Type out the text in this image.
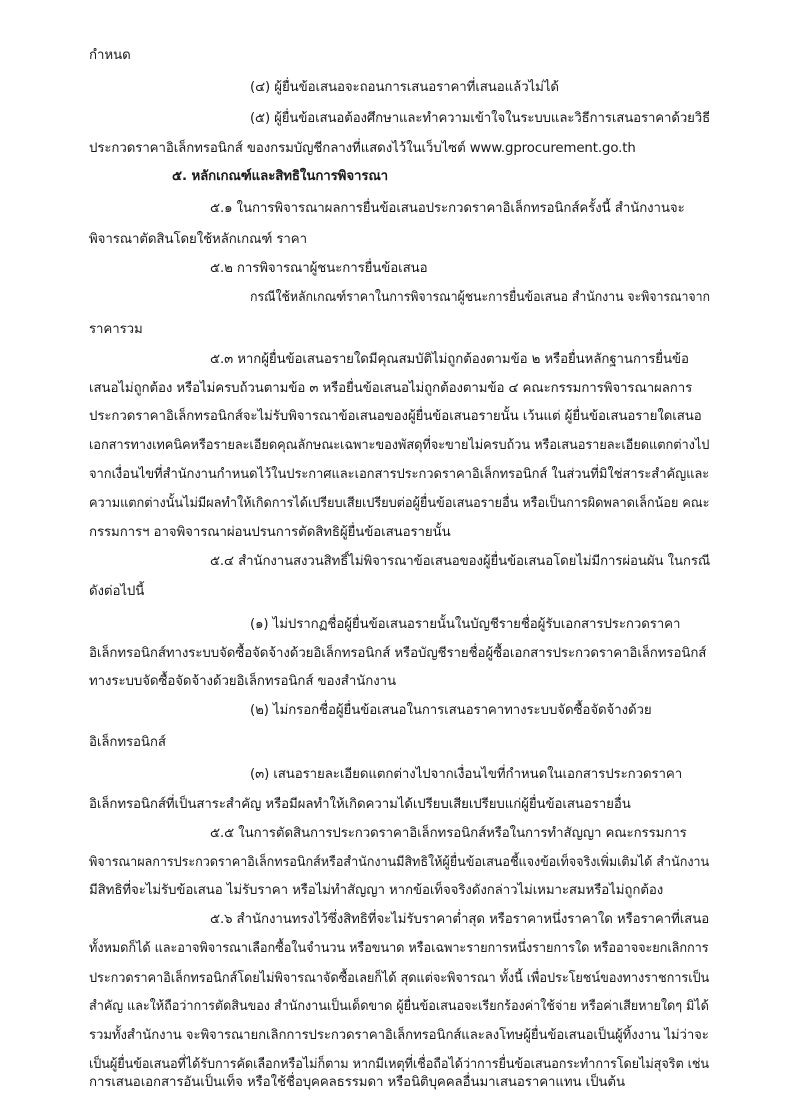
กำหนด
(๔) ผู้ยื่นข้อเสนอจะถอนการเสนอราคาที่เสนอแล้วไม่ได้
(๕) ผู้ยื่นข้อเสนอต้องศึกษาและทำความเข้าใจในระบบและวิธีการเสนอราคาด้วยวิธี
ประกวดราคาอิเล็กทรอนิกส์ ของกรมบัญชีกลางที่แสดงไว้ในเว็บไซต์ www.gprocurement.go.th
๕. หลักเกณฑ์และสิทธิในการพิจารณา
๕.๑ ในการพิจารณาผลการยื่นข้อเสนอประกวดราคาอิเล็กทรอนิกส์ครั้งนี้ สำนักงานจะ
พิจารณาตัดสินโดยใช้หลักเกณฑ์ ราคา
๕.๒ การพิจารณาผู้ชนะการยื่นข้อเสนอ
กรณีใช้หลักเกณฑ์ราคาในการพิจารณาผู้ชนะการยื่นข้อเสนอ สำนักงาน จะพิจารณาจาก
ราคารวม
๕.๓ หากผู้ยื่นข้อเสนอรายใดมีคุณสมบัติไม่ถูกต้องตามข้อ ๒ หรือยื่นหลักฐานการยื่นข้อ
เสนอไม่ถูกต้อง หรือไม่ครบถ้วนตามข้อ ๓ หรือยื่นข้อเสนอไม่ถูกต้องตามข้อ ๔ คณะกรรมการพิจารณาผลการ
ประกวดราคาอิเล็กทรอนิกส์จะไม่รับพิจารณาข้อเสนอของผู้ยื่นข้อเสนอรายนั้น เว้นแต่ ผู้ยื่นข้อเสนอรายใดเสนอ
เอกสารทางเทคนิคหรือรายละเอียดคุณลักษณะเฉพาะของพัสดุที่จะขายไม่ครบถ้วน หรือเสนอรายละเอียดแตกต่างไป
จากเงื่อนไขที่สำนักงานกำหนดไว้ในประกาศและเอกสารประกวดราคาอิเล็กทรอนิกส์ ในส่วนที่มิใช่สาระสำคัญและ
ความแตกต่างนั้นไม่มีผลทำให้เกิดการได้เปรียบเสียเปรียบต่อผู้ยื่นข้อเสนอรายอื่น หรือเป็นการผิดพลาดเล็กน้อย คณะ
กรรมการฯ อาจพิจารณาผ่อนปรนการตัดสิทธิผู้ยื่นข้อเสนอรายนั้น
๕.๔ สำนักงานสงวนสิทธิ์ไม่พิจารณาข้อเสนอของผู้ยื่นข้อเสนอโดยไม่มีการผ่อนผัน ในกรณี
ดังต่อไปนี้
(๑) ไม่ปรากฏชื่อผู้ยื่นข้อเสนอรายนั้นในบัญชีรายชื่อผู้รับเอกสารประกวดราคา
อิเล็กทรอนิกส์ทางระบบจัดซื้อจัดจ้างด้วยอิเล็กทรอนิกส์ หรือบัญชีรายชื่อผู้ซื้อเอกสารประกวดราคาอิเล็กทรอนิกส์
ทางระบบจัดซื้อจัดจ้างด้วยอิเล็กทรอนิกส์ ของสำนักงาน
(๒) ไม่กรอกชื่อผู้ยื่นข้อเสนอในการเสนอราคาทางระบบจัดซื้อจัดจ้างด้วย
อิเล็กทรอนิกส์
(๓) เสนอรายละเอียดแตกต่างไปจากเงื่อนไขที่กำหนดในเอกสารประกวดราคา
อิเล็กทรอนิกส์ที่เป็นสาระสำคัญ หรือมีผลทำให้เกิดความได้เปรียบเสียเปรียบแก่ผู้ยื่นข้อเสนอรายอื่น
๕.๕ ในการตัดสินการประกวดราคาอิเล็กทรอนิกส์หรือในการทำสัญญา คณะกรรมการ
พิจารณาผลการประกวดราคาอิเล็กทรอนิกส์หรือสำนักงานมีสิทธิให้ผู้ยื่นข้อเสนอชี้แจงข้อเท็จจริงเพิ่มเติมได้ สำนักงาน
มีสิทธิที่จะไม่รับข้อเสนอ ไม่รับราคา หรือไม่ทำสัญญา หากข้อเท็จจริงดังกล่าวไม่เหมาะสมหรือไม่ถูกต้อง
๕.๖ สำนักงานทรงไว้ซึ่งสิทธิที่จะไม่รับราคาต่ำสุด หรือราคาหนึ่งราคาใด หรือราคาที่เสนอ
ทั้งหมดก็ได้ และอาจพิจารณาเลือกซื้อในจำนวน หรือขนาด หรือเฉพาะรายการหนึ่งรายการใด หรืออาจจะยกเลิกการ
ประกวดราคาอิเล็กทรอนิกส์โดยไม่พิจารณาจัดซื้อเลยก็ได้ สุดแต่จะพิจารณา ทั้งนี้ เพื่อประโยชน์ของทางราชการเป็น
สำคัญ และให้ถือว่าการตัดสินของ สำนักงานเป็นเด็ดขาด ผู้ยื่นข้อเสนอจะเรียกร้องค่าใช้จ่าย หรือค่าเสียหายใดๆ มิได้
รวมทั้งสำนักงาน จะพิจารณายกเลิกการประกวดราคาอิเล็กทรอนิกส์และลงโทษผู้ยื่นข้อเสนอเป็นผู้ทิ้งงาน ไม่ว่าจะ
เป็นผู้ยื่นข้อเสนอที่ได้รับการคัดเลือกหรือไม่ก็ตาม หากมีเหตุที่เชื่อถือได้ว่าการยื่นข้อเสนอกระทำการโดยไม่สุจริต เช่น
การเสนอเอกสารอันเป็นเท็จ หรือใช้ชื่อบุคคลธรรมดา หรือนิติบุคคลอื่นมาเสนอราคาแทน เป็นต้น
